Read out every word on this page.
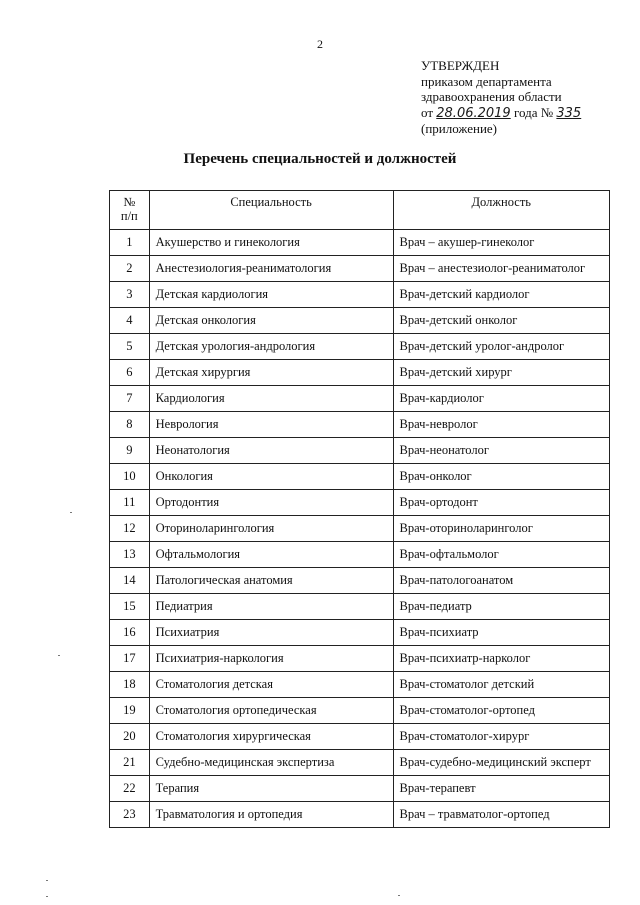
2
УТВЕРЖДЕН
приказом департамента
здравоохранения области
от 28.06.2019 года № 335
(приложение)
Перечень специальностей и должностей
№
п/п	Специальность	Должность
1	Акушерство и гинекология	Врач – акушер-гинеколог
2	Анестезиология-реаниматология	Врач – анестезиолог-реаниматолог
3	Детская кардиология	Врач-детский кардиолог
4	Детская онкология	Врач-детский онколог
5	Детская урология-андрология	Врач-детский уролог-андролог
6	Детская хирургия	Врач-детский хирург
7	Кардиология	Врач-кардиолог
8	Неврология	Врач-невролог
9	Неонатология	Врач-неонатолог
10	Онкология	Врач-онколог
11	Ортодонтия	Врач-ортодонт
12	Оториноларингология	Врач-оториноларинголог
13	Офтальмология	Врач-офтальмолог
14	Патологическая анатомия	Врач-патологоанатом
15	Педиатрия	Врач-педиатр
16	Психиатрия	Врач-психиатр
17	Психиатрия-наркология	Врач-психиатр-нарколог
18	Стоматология детская	Врач-стоматолог детский
19	Стоматология ортопедическая	Врач-стоматолог-ортопед
20	Стоматология хирургическая	Врач-стоматолог-хирург
21	Судебно-медицинская экспертиза	Врач-судебно-медицинский эксперт
22	Терапия	Врач-терапевт
23	Травматология и ортопедия	Врач – травматолог-ортопед
